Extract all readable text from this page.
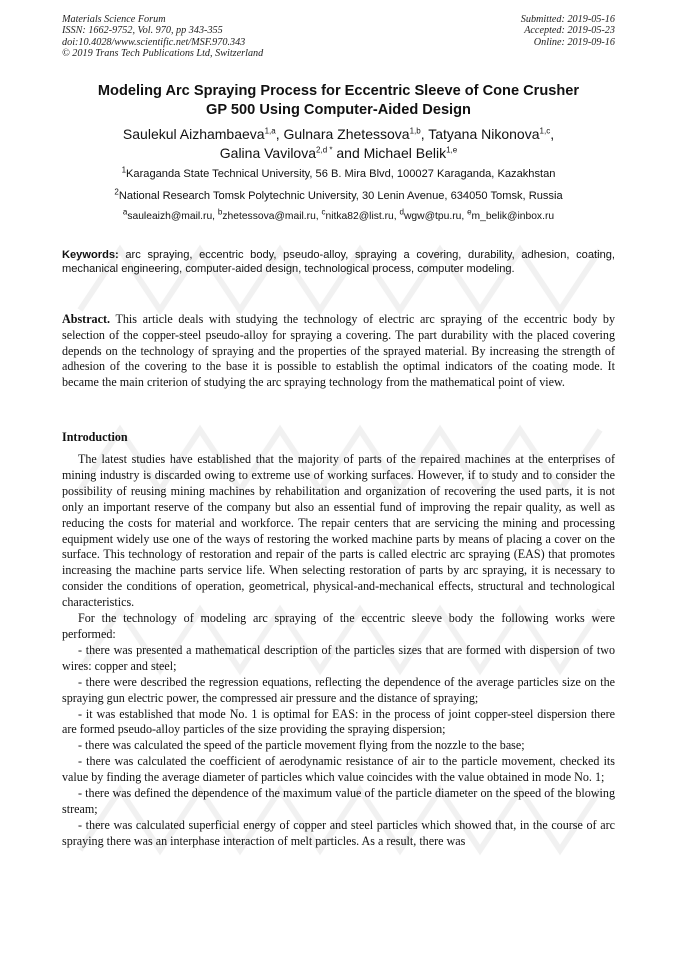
Materials Science Forum
ISSN: 1662-9752, Vol. 970, pp 343-355
doi:10.4028/www.scientific.net/MSF.970.343
© 2019 Trans Tech Publications Ltd, Switzerland
Submitted: 2019-05-16
Accepted: 2019-05-23
Online: 2019-09-16
Modeling Arc Spraying Process for Eccentric Sleeve of Cone Crusher
GP 500 Using Computer-Aided Design
Saulekul Aizhambaeva$^{1,a}$, Gulnara Zhetessova$^{1,b}$, Tatyana Nikonova$^{1,c}$,
Galina Vavilova$^{2,d *}$ and Michael Belik$^{1,e}$
$^1$Karaganda State Technical University, 56 B. Mira Blvd, 100027 Karaganda, Kazakhstan
$^2$National Research Tomsk Polytechnic University, 30 Lenin Avenue, 634050 Tomsk, Russia
$^a$sauleaizh@mail.ru, $^b$zhetessova@mail.ru, $^c$nitka82@list.ru, $^d$wgw@tpu.ru, $^e$m_belik@inbox.ru
Keywords: arc spraying, eccentric body, pseudo-alloy, spraying a covering, durability, adhesion, coating, mechanical engineering, computer-aided design, technological process, computer modeling.
Abstract. This article deals with studying the technology of electric arc spraying of the eccentric body by selection of the copper-steel pseudo-alloy for spraying a covering. The part durability with the placed covering depends on the technology of spraying and the properties of the sprayed material. By increasing the strength of adhesion of the covering to the base it is possible to establish the optimal indicators of the coating mode. It became the main criterion of studying the arc spraying technology from the mathematical point of view.
Introduction

The latest studies have established that the majority of parts of the repaired machines at the enterprises of mining industry is discarded owing to extreme use of working surfaces. However, if to study and to consider the possibility of reusing mining machines by rehabilitation and organization of recovering the used parts, it is not only an important reserve of the company but also an essential fund of improving the repair quality, as well as reducing the costs for material and workforce. The repair centers that are servicing the mining and processing equipment widely use one of the ways of restoring the worked machine parts by means of placing a cover on the surface. This technology of restoration and repair of the parts is called electric arc spraying (EAS) that promotes increasing the machine parts service life. When selecting restoration of parts by arc spraying, it is necessary to consider the conditions of operation, geometrical, physical-and-mechanical effects, structural and technological characteristics.

For the technology of modeling arc spraying of the eccentric sleeve body the following works were performed:

- there was presented a mathematical description of the particles sizes that are formed with dispersion of two wires: copper and steel;

- there were described the regression equations, reflecting the dependence of the average particles size on the spraying gun electric power, the compressed air pressure and the distance of spraying;

- it was established that mode No. 1 is optimal for EAS: in the process of joint copper-steel dispersion there are formed pseudo-alloy particles of the size providing the spraying dispersion;

- there was calculated the speed of the particle movement flying from the nozzle to the base;

- there was calculated the coefficient of aerodynamic resistance of air to the particle movement, checked its value by finding the average diameter of particles which value coincides with the value obtained in mode No. 1;

- there was defined the dependence of the maximum value of the particle diameter on the speed of the blowing stream;

- there was calculated superficial energy of copper and steel particles which showed that, in the course of arc spraying there was an interphase interaction of melt particles. As a result, there was
